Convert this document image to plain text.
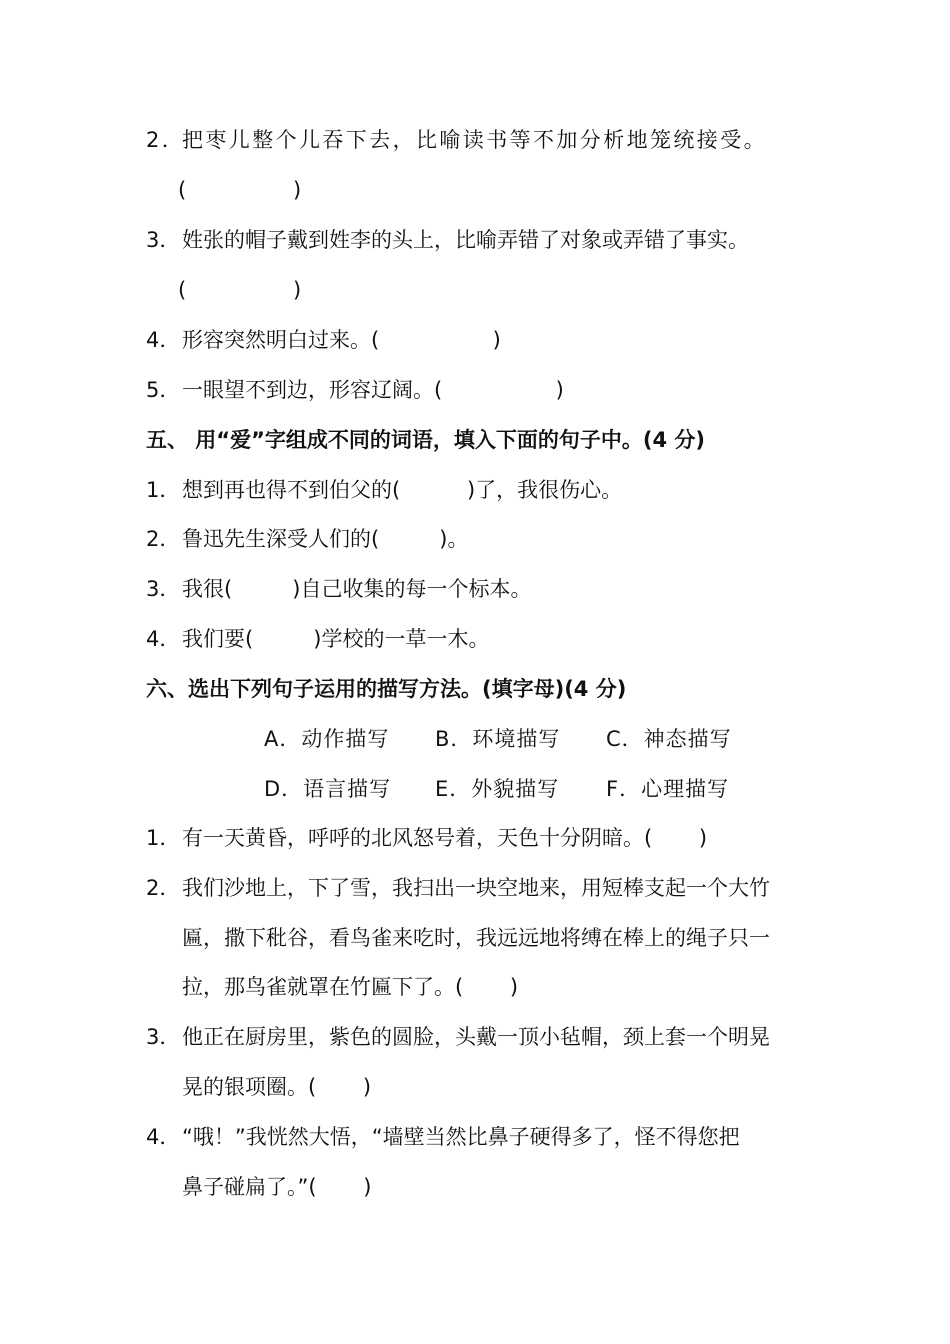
2．把枣儿整个儿吞下去，比喻读书等不加分析地笼统接受。
(                )
3．姓张的帽子戴到姓李的头上，比喻弄错了对象或弄错了事实。
(                )
4．形容突然明白过来。(                 )
5．一眼望不到边，形容辽阔。(                 )
五、 用“爱”字组成不同的词语，填入下面的句子中。(4 分)
1．想到再也得不到伯父的(          )了，我很伤心。
2．鲁迅先生深受人们的(         )。
3．我很(         )自己收集的每一个标本。
4．我们要(         )学校的一草一木。
六、选出下列句子运用的描写方法。(填字母)(4 分)
A．动作描写 B．环境描写 C．神态描写
D．语言描写 E．外貌描写 F．心理描写
1．有一天黄昏，呼呼的北风怒号着，天色十分阴暗。(       )
2．我们沙地上，下了雪，我扫出一块空地来，用短棒支起一个大竹
匾，撒下秕谷，看鸟雀来吃时，我远远地将缚在棒上的绳子只一
拉，那鸟雀就罩在竹匾下了。(       )
3．他正在厨房里，紫色的圆脸，头戴一顶小毡帽，颈上套一个明晃
晃的银项圈。(       )
4．“哦！”我恍然大悟，“墙壁当然比鼻子硬得多了，怪不得您把
鼻子碰扁了。”(       )
